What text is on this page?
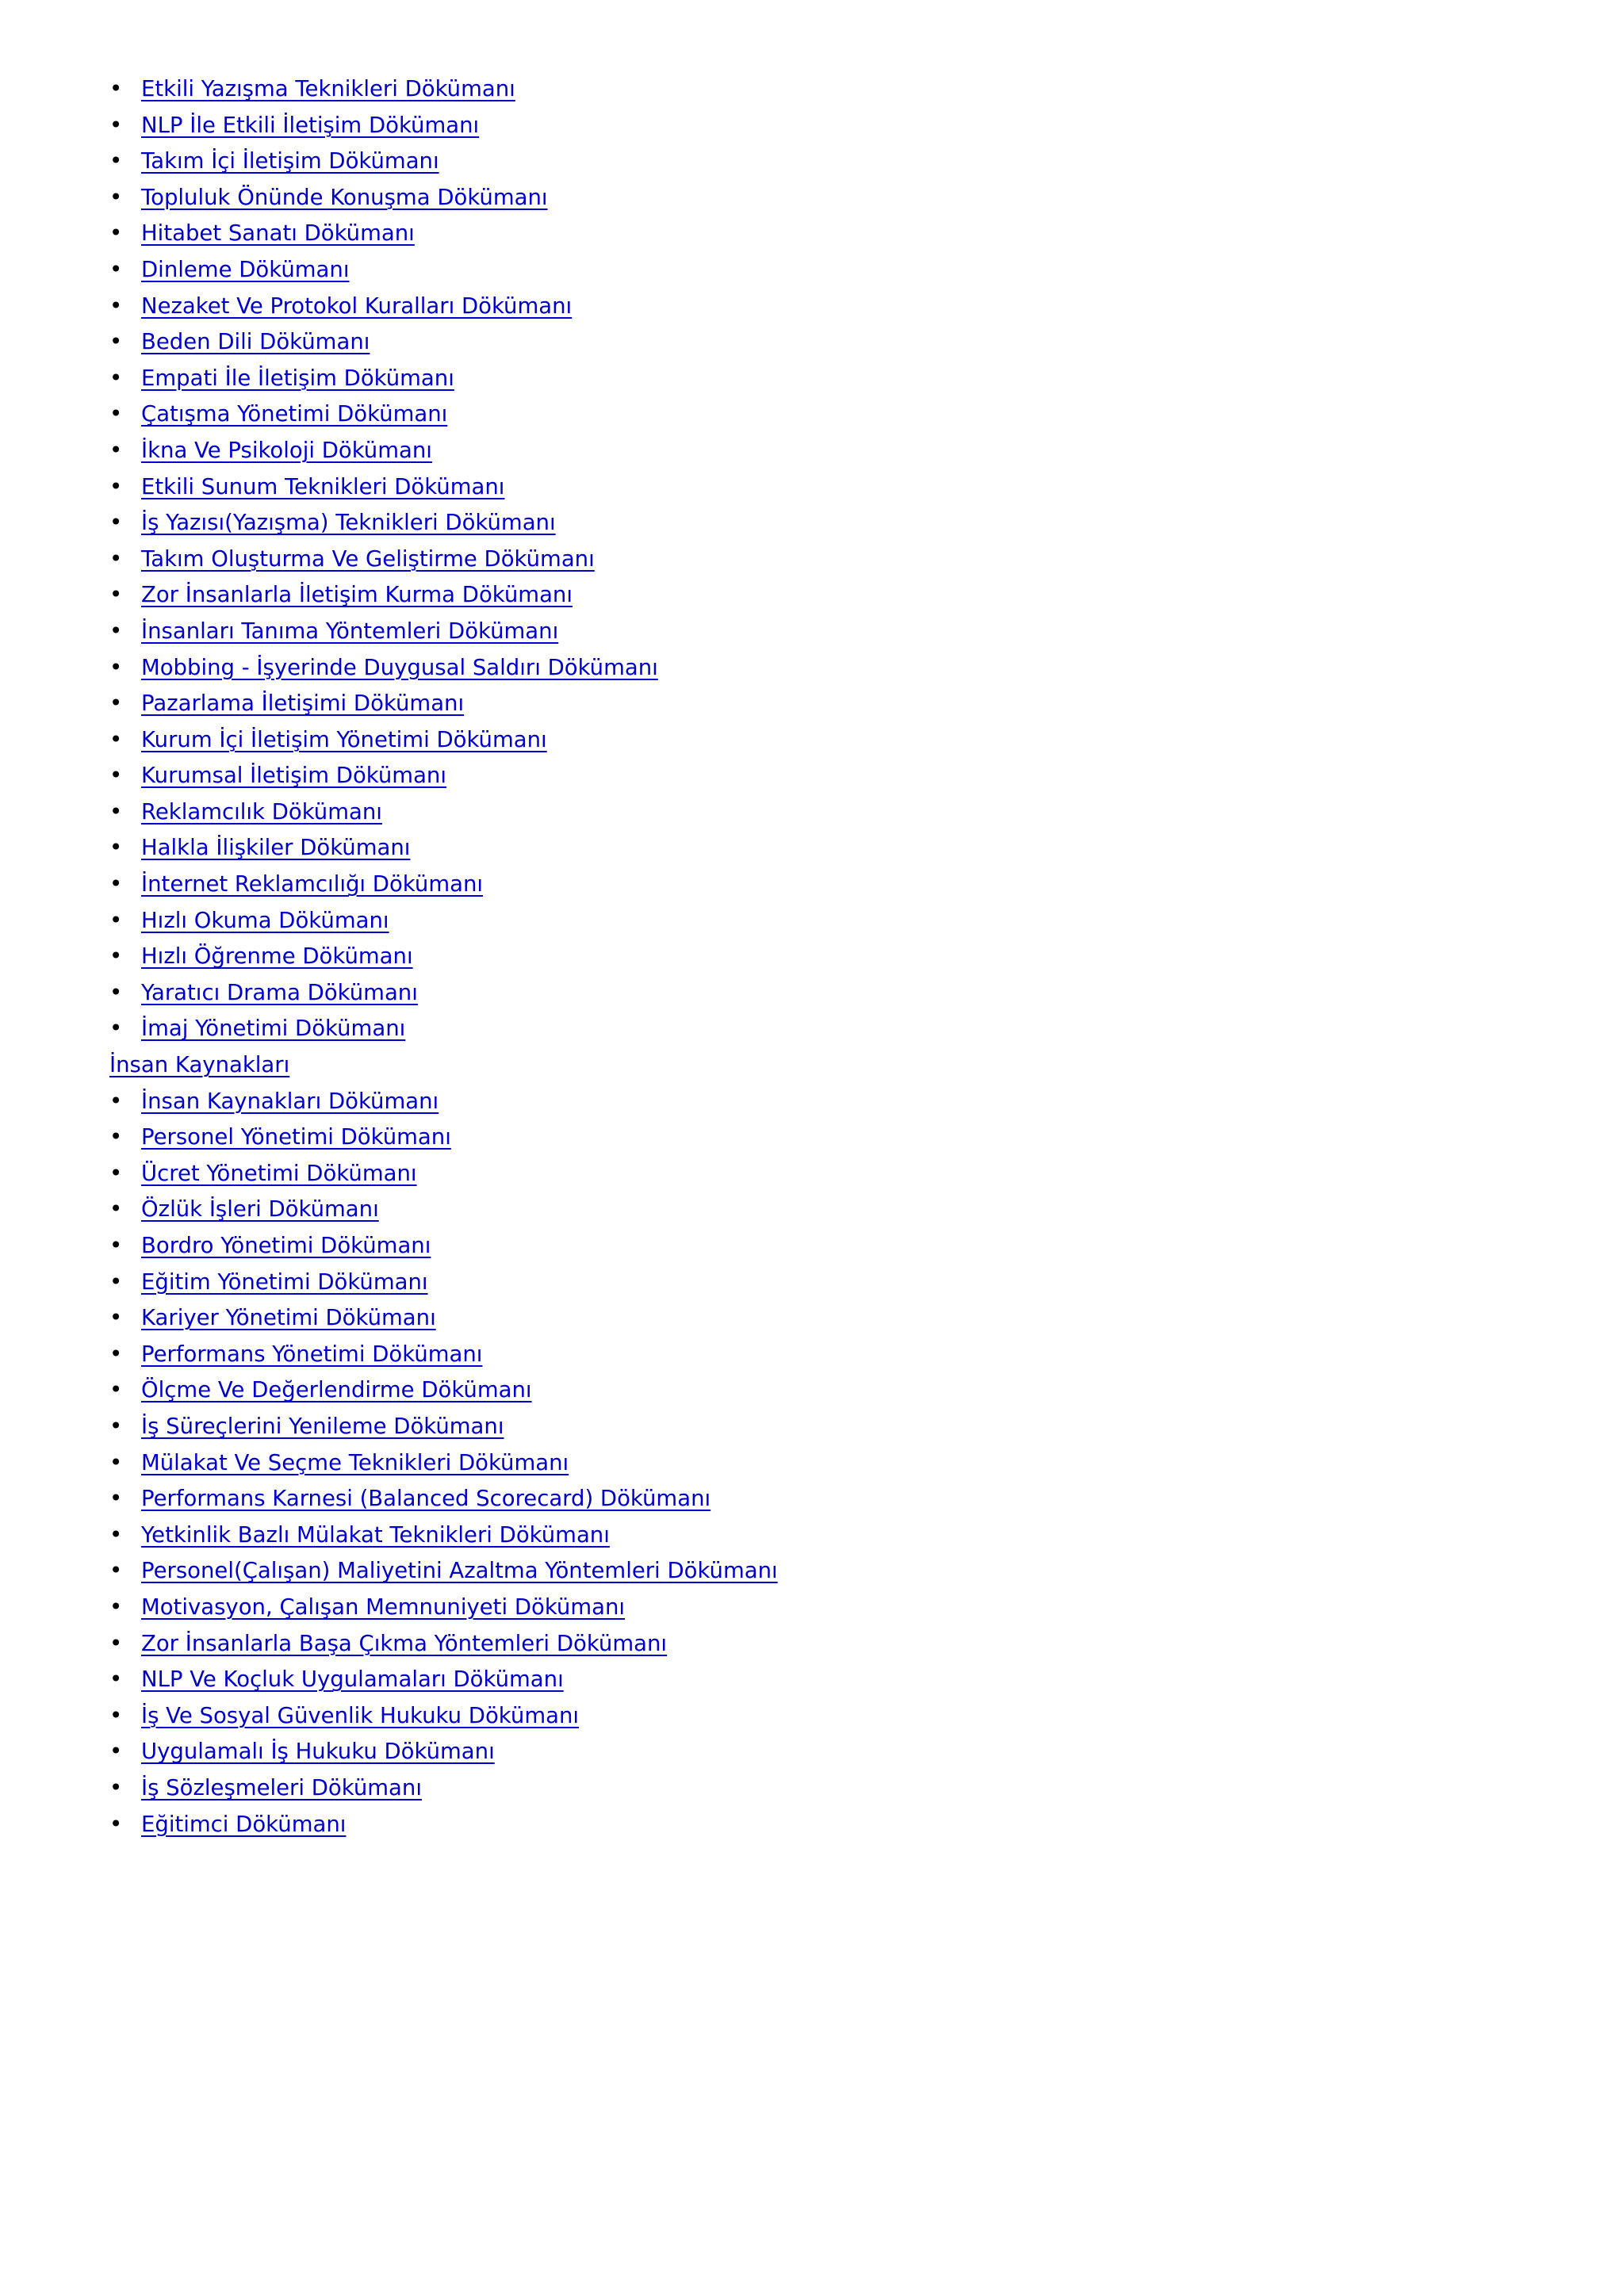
• Etkili Yazışma Teknikleri Dökümanı
• NLP İle Etkili İletişim Dökümanı
• Takım İçi İletişim Dökümanı
• Topluluk Önünde Konuşma Dökümanı
• Hitabet Sanatı Dökümanı
• Dinleme Dökümanı
• Nezaket Ve Protokol Kuralları Dökümanı
• Beden Dili Dökümanı
• Empati İle İletişim Dökümanı
• Çatışma Yönetimi Dökümanı
• İkna Ve Psikoloji Dökümanı
• Etkili Sunum Teknikleri Dökümanı
• İş Yazısı(Yazışma) Teknikleri Dökümanı
• Takım Oluşturma Ve Geliştirme Dökümanı
• Zor İnsanlarla İletişim Kurma Dökümanı
• İnsanları Tanıma Yöntemleri Dökümanı
• Mobbing - İşyerinde Duygusal Saldırı Dökümanı
• Pazarlama İletişimi Dökümanı
• Kurum İçi İletişim Yönetimi Dökümanı
• Kurumsal İletişim Dökümanı
• Reklamcılık Dökümanı
• Halkla İlişkiler Dökümanı
• İnternet Reklamcılığı Dökümanı
• Hızlı Okuma Dökümanı
• Hızlı Öğrenme Dökümanı
• Yaratıcı Drama Dökümanı
• İmaj Yönetimi Dökümanı
İnsan Kaynakları
• İnsan Kaynakları Dökümanı
• Personel Yönetimi Dökümanı
• Ücret Yönetimi Dökümanı
• Özlük İşleri Dökümanı
• Bordro Yönetimi Dökümanı
• Eğitim Yönetimi Dökümanı
• Kariyer Yönetimi Dökümanı
• Performans Yönetimi Dökümanı
• Ölçme Ve Değerlendirme Dökümanı
• İş Süreçlerini Yenileme Dökümanı
• Mülakat Ve Seçme Teknikleri Dökümanı
• Performans Karnesi (Balanced Scorecard) Dökümanı
• Yetkinlik Bazlı Mülakat Teknikleri Dökümanı
• Personel(Çalışan) Maliyetini Azaltma Yöntemleri Dökümanı
• Motivasyon, Çalışan Memnuniyeti Dökümanı
• Zor İnsanlarla Başa Çıkma Yöntemleri Dökümanı
• NLP Ve Koçluk Uygulamaları Dökümanı
• İş Ve Sosyal Güvenlik Hukuku Dökümanı
• Uygulamalı İş Hukuku Dökümanı
• İş Sözleşmeleri Dökümanı
• Eğitimci Dökümanı
